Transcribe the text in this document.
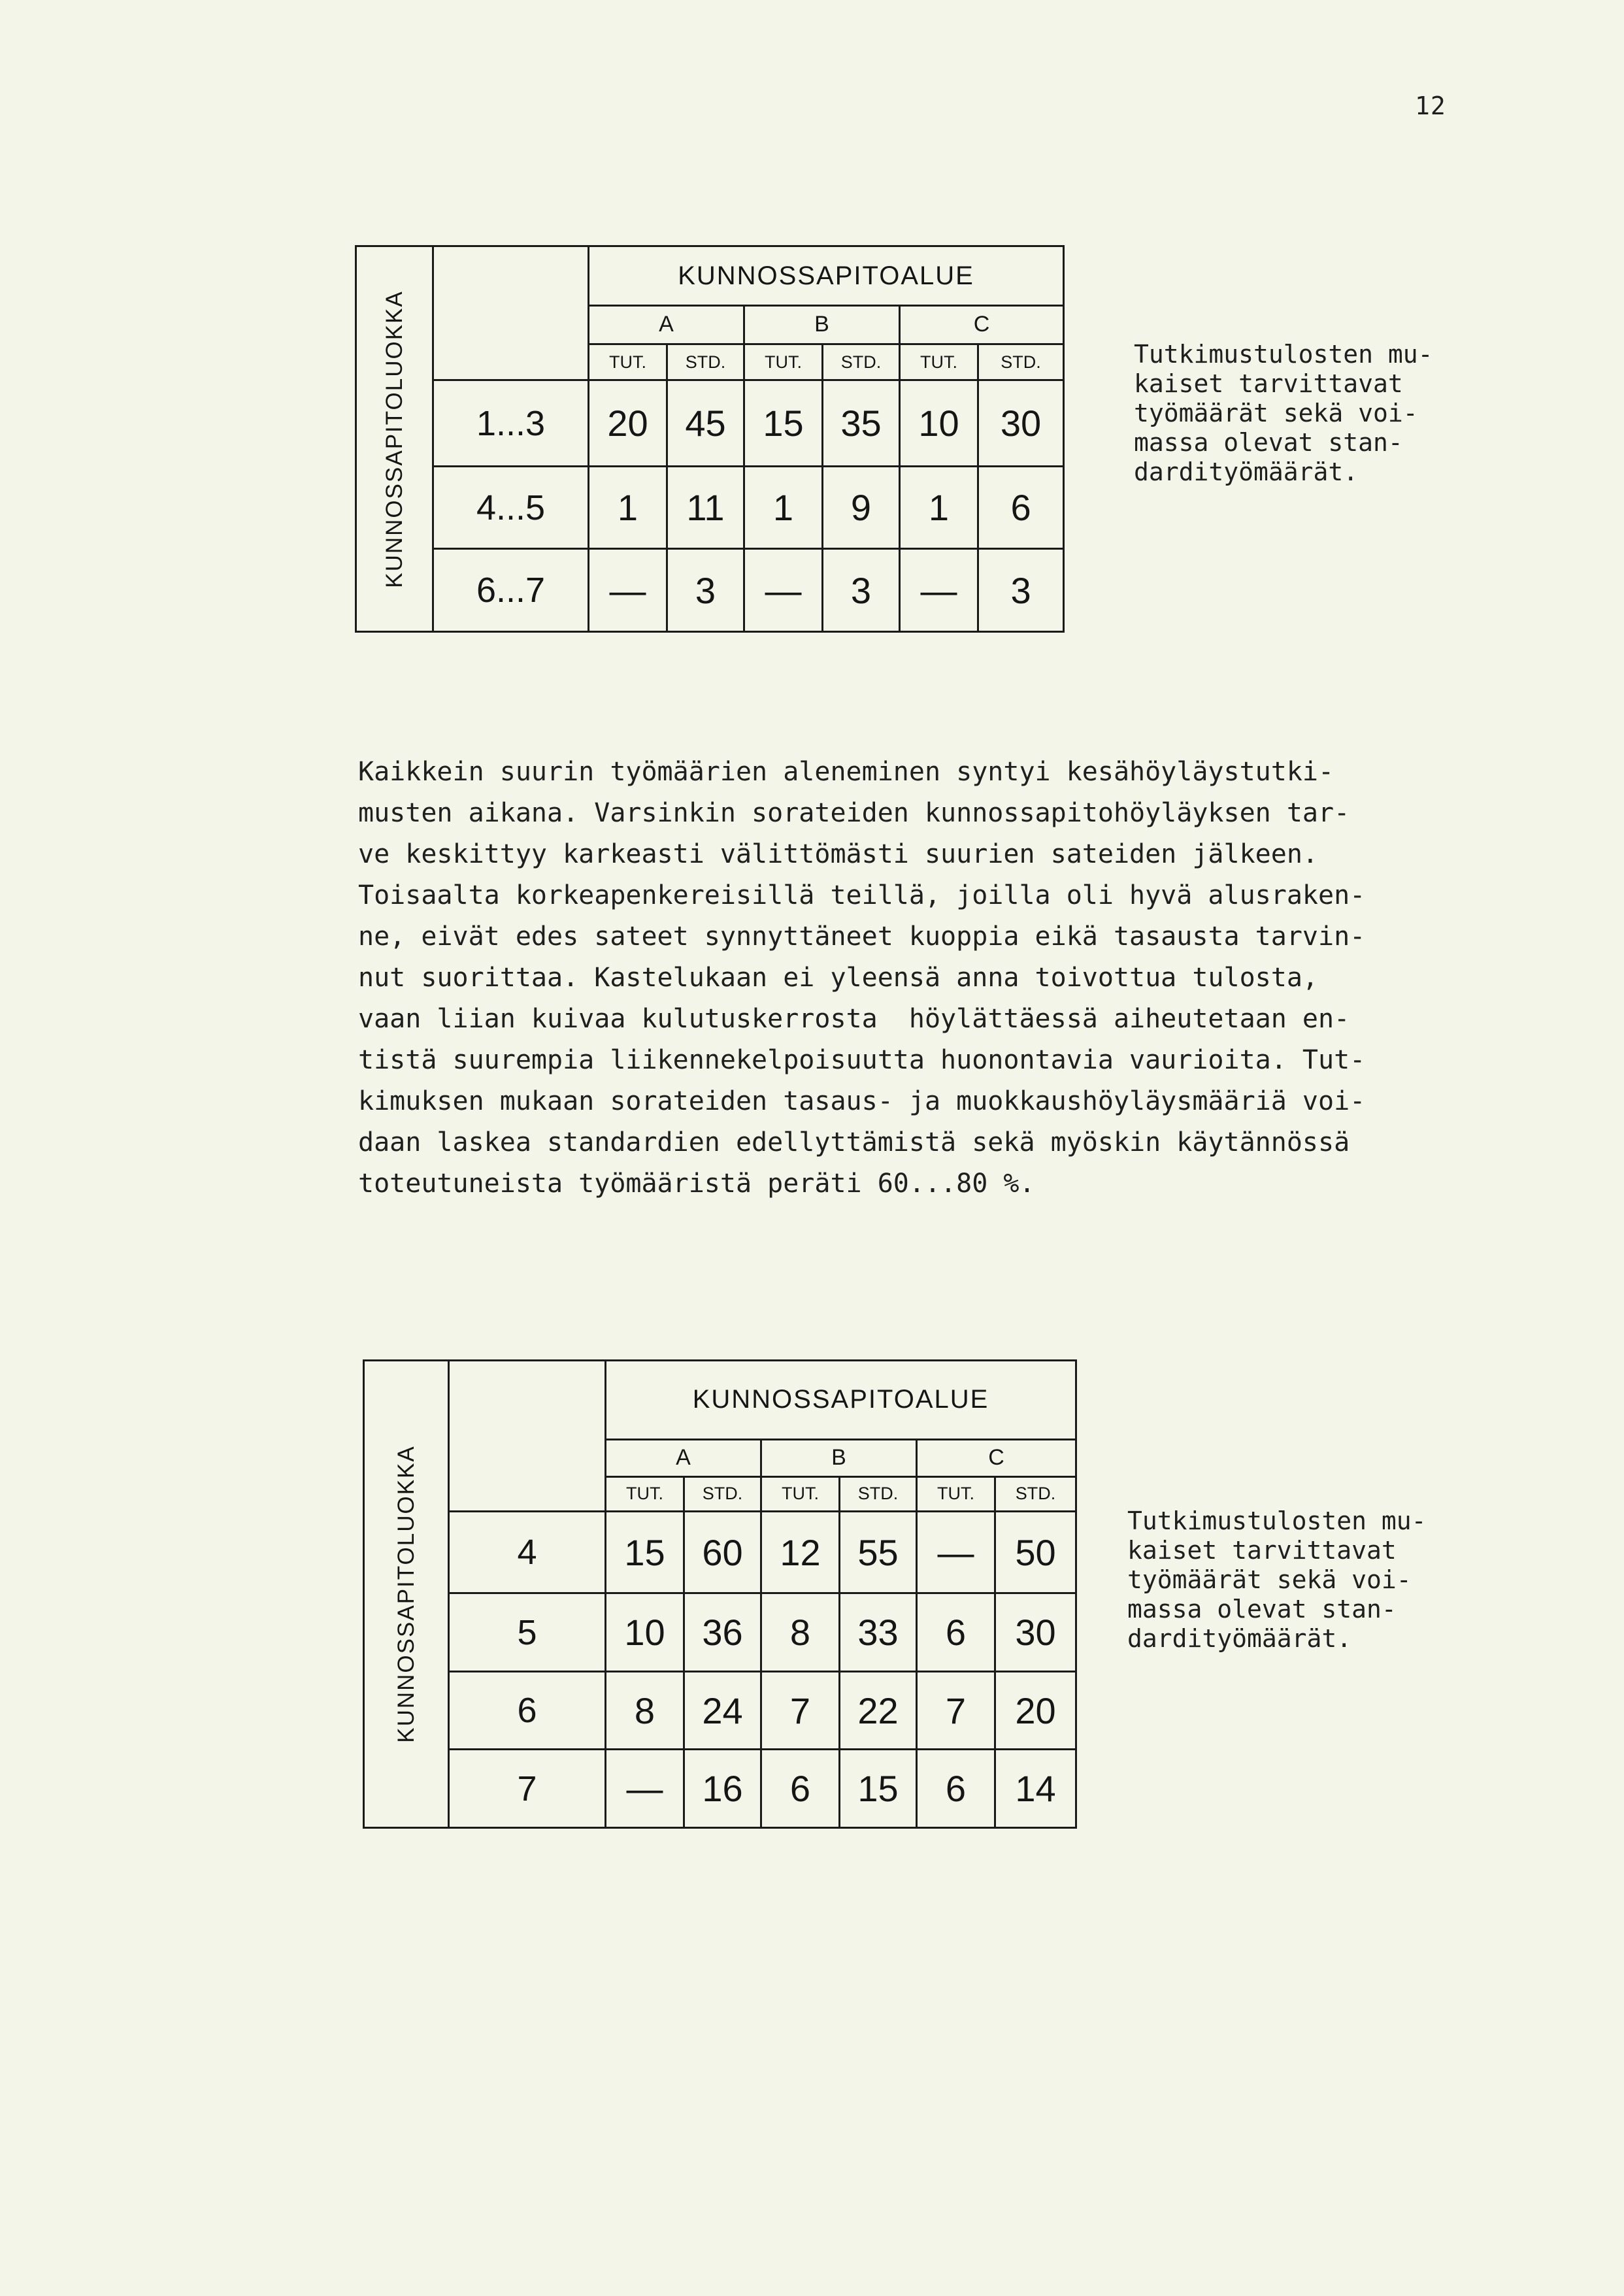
12
KUNNOSSAPITOLUOKKA		KUNNOSSAPITOALUE					
		A		B		C	
		TUT.	STD.	TUT.	STD.	TUT.	STD.
	1...3	20	45	15	35	10	30
	4...5	1	11	1	9	1	6
	6...7	—	3	—	3	—	3
Tutkimustulosten mu-
kaiset tarvittavat
työmäärät sekä voi-
massa olevat stan-
dardityömäärät.
Kaikkein suurin työmäärien aleneminen syntyi kesähöyläystutki-
musten aikana. Varsinkin sorateiden kunnossapitohöyläyksen tar-
ve keskittyy karkeasti välittömästi suurien sateiden jälkeen.
Toisaalta korkeapenkereisillä teillä, joilla oli hyvä alusraken-
ne, eivät edes sateet synnyttäneet kuoppia eikä tasausta tarvin-
nut suorittaa. Kastelukaan ei yleensä anna toivottua tulosta,
vaan liian kuivaa kulutuskerrosta  höylättäessä aiheutetaan en-
tistä suurempia liikennekelpoisuutta huonontavia vaurioita. Tut-
kimuksen mukaan sorateiden tasaus- ja muokkaushöyläysmääriä voi-
daan laskea standardien edellyttämistä sekä myöskin käytännössä
toteutuneista työmääristä peräti 60...80 %.
KUNNOSSAPITOLUOKKA		KUNNOSSAPITOALUE					
		A		B		C	
		TUT.	STD.	TUT.	STD.	TUT.	STD.
	4	15	60	12	55	—	50
	5	10	36	8	33	6	30
	6	8	24	7	22	7	20
	7	—	16	6	15	6	14
Tutkimustulosten mu-
kaiset tarvittavat
työmäärät sekä voi-
massa olevat stan-
dardityömäärät.
